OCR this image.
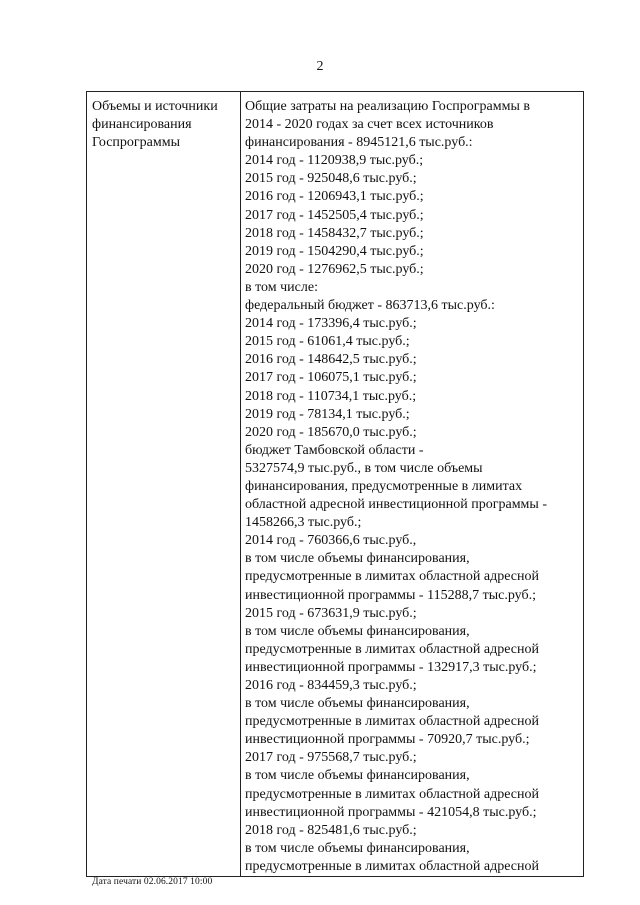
2
Объемы и источники
финансирования
Госпрограммы

Общие затраты на реализацию Госпрограммы в
2014 - 2020 годах за счет всех источников
финансирования - 8945121,6 тыс.руб.:
2014 год - 1120938,9 тыс.руб.;
2015 год - 925048,6 тыс.руб.;
2016 год - 1206943,1 тыс.руб.;
2017 год - 1452505,4 тыс.руб.;
2018 год - 1458432,7 тыс.руб.;
2019 год - 1504290,4 тыс.руб.;
2020 год - 1276962,5 тыс.руб.;
в том числе:
федеральный бюджет - 863713,6 тыс.руб.:
2014 год - 173396,4 тыс.руб.;
2015 год - 61061,4 тыс.руб.;
2016 год - 148642,5 тыс.руб.;
2017 год - 106075,1 тыс.руб.;
2018 год - 110734,1 тыс.руб.;
2019 год - 78134,1 тыс.руб.;
2020 год - 185670,0 тыс.руб.;
бюджет Тамбовской области -
5327574,9 тыс.руб., в том числе объемы
финансирования, предусмотренные в лимитах
областной адресной инвестиционной программы -
1458266,3 тыс.руб.;
2014 год - 760366,6 тыс.руб.,
в том числе объемы финансирования,
предусмотренные в лимитах областной адресной
инвестиционной программы - 115288,7 тыс.руб.;
2015 год - 673631,9 тыс.руб.;
в том числе объемы финансирования,
предусмотренные в лимитах областной адресной
инвестиционной программы - 132917,3 тыс.руб.;
2016 год - 834459,3 тыс.руб.;
в том числе объемы финансирования,
предусмотренные в лимитах областной адресной
инвестиционной программы - 70920,7 тыс.руб.;
2017 год - 975568,7 тыс.руб.;
в том числе объемы финансирования,
предусмотренные в лимитах областной адресной
инвестиционной программы - 421054,8 тыс.руб.;
2018 год - 825481,6 тыс.руб.;
в том числе объемы финансирования,
предусмотренные в лимитах областной адресной
Дата печати 02.06.2017 10:00
